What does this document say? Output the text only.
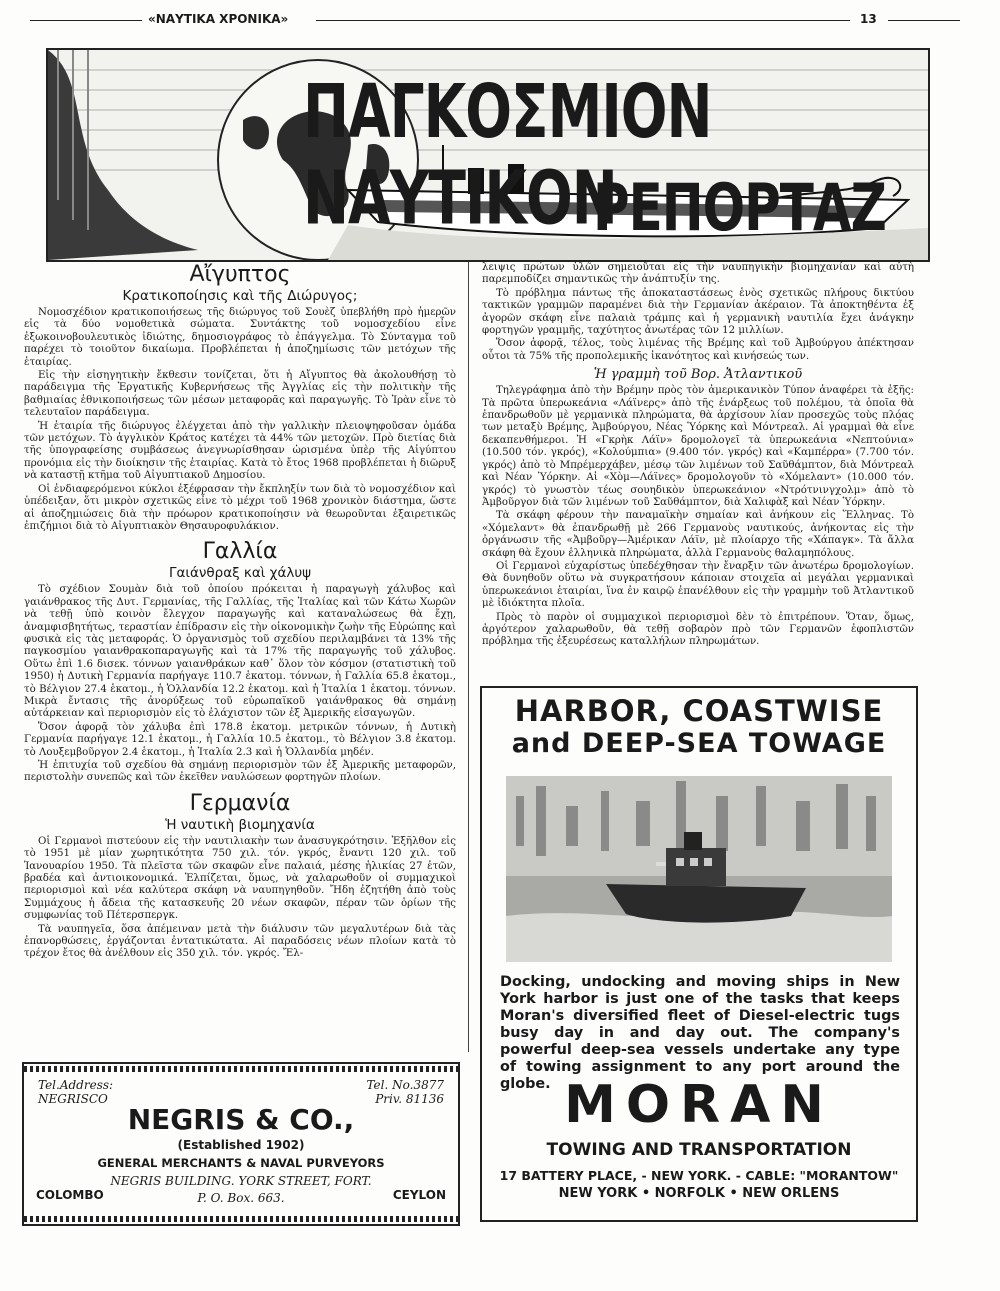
«ΝΑΥΤΙΚΑ ΧΡΟΝΙΚΑ»	13
ΠΑΓΚΟΣΜΙΟΝ ΝΑΥΤΙΚΟΝ
ΡΕΠΟΡΤΑΖ
Αἴγυπτος
Κρατικοποίησις καὶ τῆς Διώρυγος;

Νομοσχέδιον κρατικοποιήσεως τῆς διώρυγος τοῦ Σουὲζ ὑπεβλήθη πρὸ ἡμερῶν εἰς τὰ δύο νομοθετικὰ σώματα. Συντάκτης τοῦ νομοσχεδίου εἶνε ἐξωκοινοβουλευτικὸς ἰδιώτης, δημοσιογράφος τὸ ἐπάγγελμα. Τὸ Σύνταγμα τοῦ παρέχει τὸ τοιοῦτον δικαίωμα. Προβλέπεται ἡ ἀποζημίωσις τῶν μετόχων τῆς ἑταιρίας.

Εἰς τὴν εἰσηγητικὴν ἔκθεσιν τονίζεται, ὅτι ἡ Αἴγυπτος θὰ ἀκολουθήσῃ τὸ παράδειγμα τῆς Ἐργατικῆς Κυβερνήσεως τῆς Ἀγγλίας εἰς τὴν πολιτικὴν τῆς βαθμιαίας ἐθνικοποιήσεως τῶν μέσων μεταφορᾶς καὶ παραγωγῆς. Τὸ Ἰρὰν εἶνε τὸ τελευταῖον παράδειγμα.

Ἡ ἑταιρία τῆς διώρυγος ἐλέγχεται ἀπὸ τὴν γαλλικὴν πλειοψηφοῦσαν ὁμάδα τῶν μετόχων. Τὸ ἀγγλικὸν Κράτος κατέχει τὰ 44% τῶν μετοχῶν. Πρὸ διετίας διὰ τῆς ὑπογραφείσης συμβάσεως ἀνεγνωρίσθησαν ὡρισμένα ὑπὲρ τῆς Αἰγύπτου προνόμια εἰς τὴν διοίκησιν τῆς ἑταιρίας. Κατὰ τὸ ἔτος 1968 προβλέπεται ἡ διῶρυξ νὰ καταστῇ κτῆμα τοῦ Αἰγυπτιακοῦ Δημοσίου.

Οἱ ἐνδιαφερόμενοι κύκλοι ἐξέφρασαν τὴν ἔκπληξίν των διὰ τὸ νομοσχέδιον καὶ ὑπέδειξαν, ὅτι μικρὸν σχετικῶς εἶνε τὸ μέχρι τοῦ 1968 χρονικὸν διάστημα, ὥστε αἱ ἀποζημιώσεις διὰ τὴν πρόωρον κρατικοποίησιν νὰ θεωροῦνται ἐξαιρετικῶς ἐπιζήμιοι διὰ τὸ Αἰγυπτιακὸν Θησαυροφυλάκιον.

Γαλλία
Γαιάνθραξ καὶ χάλυψ

Τὸ σχέδιον Σουμὰν διὰ τοῦ ὁποίου πρόκειται ἡ παραγωγὴ χάλυβος καὶ γαιάνθρακος τῆς Δυτ. Γερμανίας, τῆς Γαλλίας, τῆς Ἰταλίας καὶ τῶν Κάτω Χωρῶν νὰ τεθῇ ὑπὸ κοινὸν ἔλεγχον παραγωγῆς καὶ καταναλώσεως θὰ ἔχῃ, ἀναμφισβητήτως, τεραστίαν ἐπίδρασιν εἰς τὴν οἰκονομικὴν ζωὴν τῆς Εὐρώπης καὶ φυσικὰ εἰς τὰς μεταφοράς. Ὁ ὀργανισμὸς τοῦ σχεδίου περιλαμβάνει τὰ 13% τῆς παγκοσμίου γαιανθρακοπαραγωγῆς καὶ τὰ 17% τῆς παραγωγῆς τοῦ χάλυβος. Οὕτω ἐπὶ 1.6 δισεκ. τόννων γαιανθράκων καθ᾽ ὅλον τὸν κόσμον (στατιστικὴ τοῦ 1950) ἡ Δυτικὴ Γερμανία παρήγαγε 110.7 ἑκατομ. τόννων, ἡ Γαλλία 65.8 ἑκατομ., τὸ Βέλγιον 27.4 ἑκατομ., ἡ Ὁλλανδία 12.2 ἑκατομ. καὶ ἡ Ἰταλία 1 ἑκατομ. τόννων. Μικρὰ ἔντασις τῆς ἀνορύξεως τοῦ εὐρωπαϊκοῦ γαιάνθρακος θὰ σημάνῃ αὐτάρκειαν καὶ περιορισμὸν εἰς τὸ ἐλάχιστον τῶν ἐξ Ἀμερικῆς εἰσαγωγῶν.

Ὅσον ἀφορᾷ τὸν χάλυβα ἐπὶ 178.8 ἑκατομ. μετρικῶν τόννων, ἡ Δυτικὴ Γερμανία παρήγαγε 12.1 ἑκατομ., ἡ Γαλλία 10.5 ἑκατομ., τὸ Βέλγιον 3.8 ἑκατομ. τὸ Λουξεμβοῦργον 2.4 ἑκατομ., ἡ Ἰταλία 2.3 καὶ ἡ Ὁλλανδία μηδέν.

Ἡ ἐπιτυχία τοῦ σχεδίου θὰ σημάνῃ περιορισμὸν τῶν ἐξ Ἀμερικῆς μεταφορῶν, περιστολὴν συνεπῶς καὶ τῶν ἐκεῖθεν ναυλώσεων φορτηγῶν πλοίων.

Γερμανία
Ἡ ναυτικὴ βιομηχανία

Οἱ Γερμανοὶ πιστεύουν εἰς τὴν ναυτιλιακὴν των ἀνασυγκρότησιν. Ἐξῆλθον εἰς τὸ 1951 μὲ μίαν χωρητικότητα 750 χιλ. τόν. γκρός, ἔναντι 120 χιλ. τοῦ Ἰανουαρίου 1950. Τὰ πλεῖστα τῶν σκαφῶν εἶνε παλαιά, μέσης ἡλικίας 27 ἐτῶν, βραδέα καὶ ἀντιοικονομικά. Ἐλπίζεται, ὅμως, νὰ χαλαρωθοῦν οἱ συμμαχικοὶ περιορισμοὶ καὶ νέα καλύτερα σκάφη νὰ ναυπηγηθοῦν. Ἤδη ἐζητήθη ἀπὸ τοὺς Συμμάχους ἡ ἄδεια τῆς κατασκευῆς 20 νέων σκαφῶν, πέραν τῶν ὁρίων τῆς συμφωνίας τοῦ Πέτερσπεργκ.

Τὰ ναυπηγεῖα, ὅσα ἀπέμειναν μετὰ τὴν διάλυσιν τῶν μεγαλυτέρων διὰ τὰς ἐπανορθώσεις, ἐργάζονται ἐντατικώτατα. Αἱ παραδόσεις νέων πλοίων κατὰ τὸ τρέχον ἔτος θὰ ἀνέλθουν εἰς 350 χιλ. τόν. γκρός. Ἔλ-

λειψις πρώτων ὑλῶν σημειοῦται εἰς τὴν ναυπηγικὴν βιομηχανίαν καὶ αὐτὴ παρεμποδίζει σημαντικῶς τὴν ἀνάπτυξίν της.

Τὸ πρόβλημα πάντως τῆς ἀποκαταστάσεως ἑνὸς σχετικῶς πλήρους δικτύου τακτικῶν γραμμῶν παραμένει διὰ τὴν Γερμανίαν ἀκέραιον. Τὰ ἀποκτηθέντα ἐξ ἀγορῶν σκάφη εἶνε παλαιὰ τράμπς καὶ ἡ γερμανικὴ ναυτιλία ἔχει ἀνάγκην φορτηγῶν γραμμῆς, ταχύτητος ἀνωτέρας τῶν 12 μιλλίων.

Ὅσον ἀφορᾷ, τέλος, τοὺς λιμένας τῆς Βρέμης καὶ τοῦ Ἀμβούργου ἀπέκτησαν οὗτοι τὰ 75% τῆς προπολεμικῆς ἱκανότητος καὶ κινήσεώς των.

Ἡ γραμμὴ τοῦ Βορ. Ἀτλαντικοῦ

Τηλεγράφημα ἀπὸ τὴν Βρέμην πρὸς τὸν ἀμερικανικὸν Τύπον ἀναφέρει τὰ ἑξῆς: Τὰ πρῶτα ὑπερωκεάνια «Λάϊνερς» ἀπὸ τῆς ἐνάρξεως τοῦ πολέμου, τὰ ὁποῖα θὰ ἐπανδρωθοῦν μὲ γερμανικὰ πληρώματα, θὰ ἀρχίσουν λίαν προσεχῶς τοὺς πλόας των μεταξὺ Βρέμης, Ἀμβούργου, Νέας Ὑόρκης καὶ Μόντρεαλ. Αἱ γραμμαὶ θὰ εἶνε δεκαπενθήμεροι. Ἡ «Γκρὴκ Λάϊν» δρομολογεῖ τὰ ὑπερωκεάνια «Νεπτούνια» (10.500 τόν. γκρός), «Κολούμπια» (9.400 τόν. γκρός) καὶ «Καμπέρρα» (7.700 τόν. γκρός) ἀπὸ τὸ Μπρέμερχάβεν, μέσῳ τῶν λιμένων τοῦ Σαῦθάμπτον, διὰ Μόντρεαλ καὶ Νέαν Ὑόρκην. Αἱ «Χὸμ—Λάϊνες» δρομολογοῦν τὸ «Χόμελαντ» (10.000 τόν. γκρός) τὸ γνωστὸν τέως σουηδικὸν ὑπερωκεάνιον «Ντρότνινγχολμ» ἀπὸ τὸ Ἀμβοῦργον διὰ τῶν λιμένων τοῦ Σαῦθάμπτον, διὰ Χαλιφὰξ καὶ Νέαν Ὑόρκην.

Τὰ σκάφη φέρουν τὴν παναμαϊκὴν σημαίαν καὶ ἀνήκουν εἰς Ἕλληνας. Τὸ «Χόμελαντ» θὰ ἐπανδρωθῇ μὲ 266 Γερμανοὺς ναυτικούς, ἀνήκοντας εἰς τὴν ὀργάνωσιν τῆς «Ἀμβοῦργ—Ἀμέρικαν Λάϊν, μὲ πλοίαρχο τῆς «Χάπαγκ». Τὰ ἄλλα σκάφη θὰ ἔχουν ἑλληνικὰ πληρώματα, ἀλλὰ Γερμανοὺς θαλαμηπόλους.

Οἱ Γερμανοὶ εὐχαρίστως ὑπεδέχθησαν τὴν ἔναρξιν τῶν ἀνωτέρω δρομολογίων. Θὰ δυνηθοῦν οὕτω νὰ συγκρατήσουν κάποιαν στοιχεῖα αἱ μεγάλαι γερμανικαὶ ὑπερωκεάνιοι ἑταιρίαι, ἵνα ἐν καιρῷ ἐπανέλθουν εἰς τὴν γραμμὴν τοῦ Ἀτλαντικοῦ μὲ ἰδιόκτητα πλοῖα.

Πρὸς τὸ παρὸν οἱ συμμαχικοὶ περιορισμοὶ δὲν τὸ ἐπιτρέπουν. Ὅταν, ὅμως, ἀργότερον χαλαρωθοῦν, θὰ τεθῇ σοβαρὸν πρὸ τῶν Γερμανῶν ἐφοπλιστῶν πρόβλημα τῆς ἐξευρέσεως καταλλήλων πληρωμάτων.

Tel.Address:
NEGRISCO
Tel. No.3877
Priv. 81136
NEGRIS & CO.,
(Established 1902)
GENERAL MERCHANTS & NAVAL PURVEYORS
NEGRIS BUILDING. YORK STREET, FORT.
P. O. Box. 663.
COLOMBO	CEYLON
HARBOR, COASTWISE
and DEEP-SEA TOWAGE
Docking, undocking and moving ships in New York harbor is just one of the tasks that keeps Moran's diversified fleet of Diesel-electric tugs busy day in and day out. The company's powerful deep-sea vessels undertake any type of towing assignment to any port around the globe. MORAN
TOWING AND TRANSPORTATION
17 BATTERY PLACE, - NEW YORK. - CABLE: "MORANTOW"
NEW YORK • NORFOLK • NEW ORLENS
